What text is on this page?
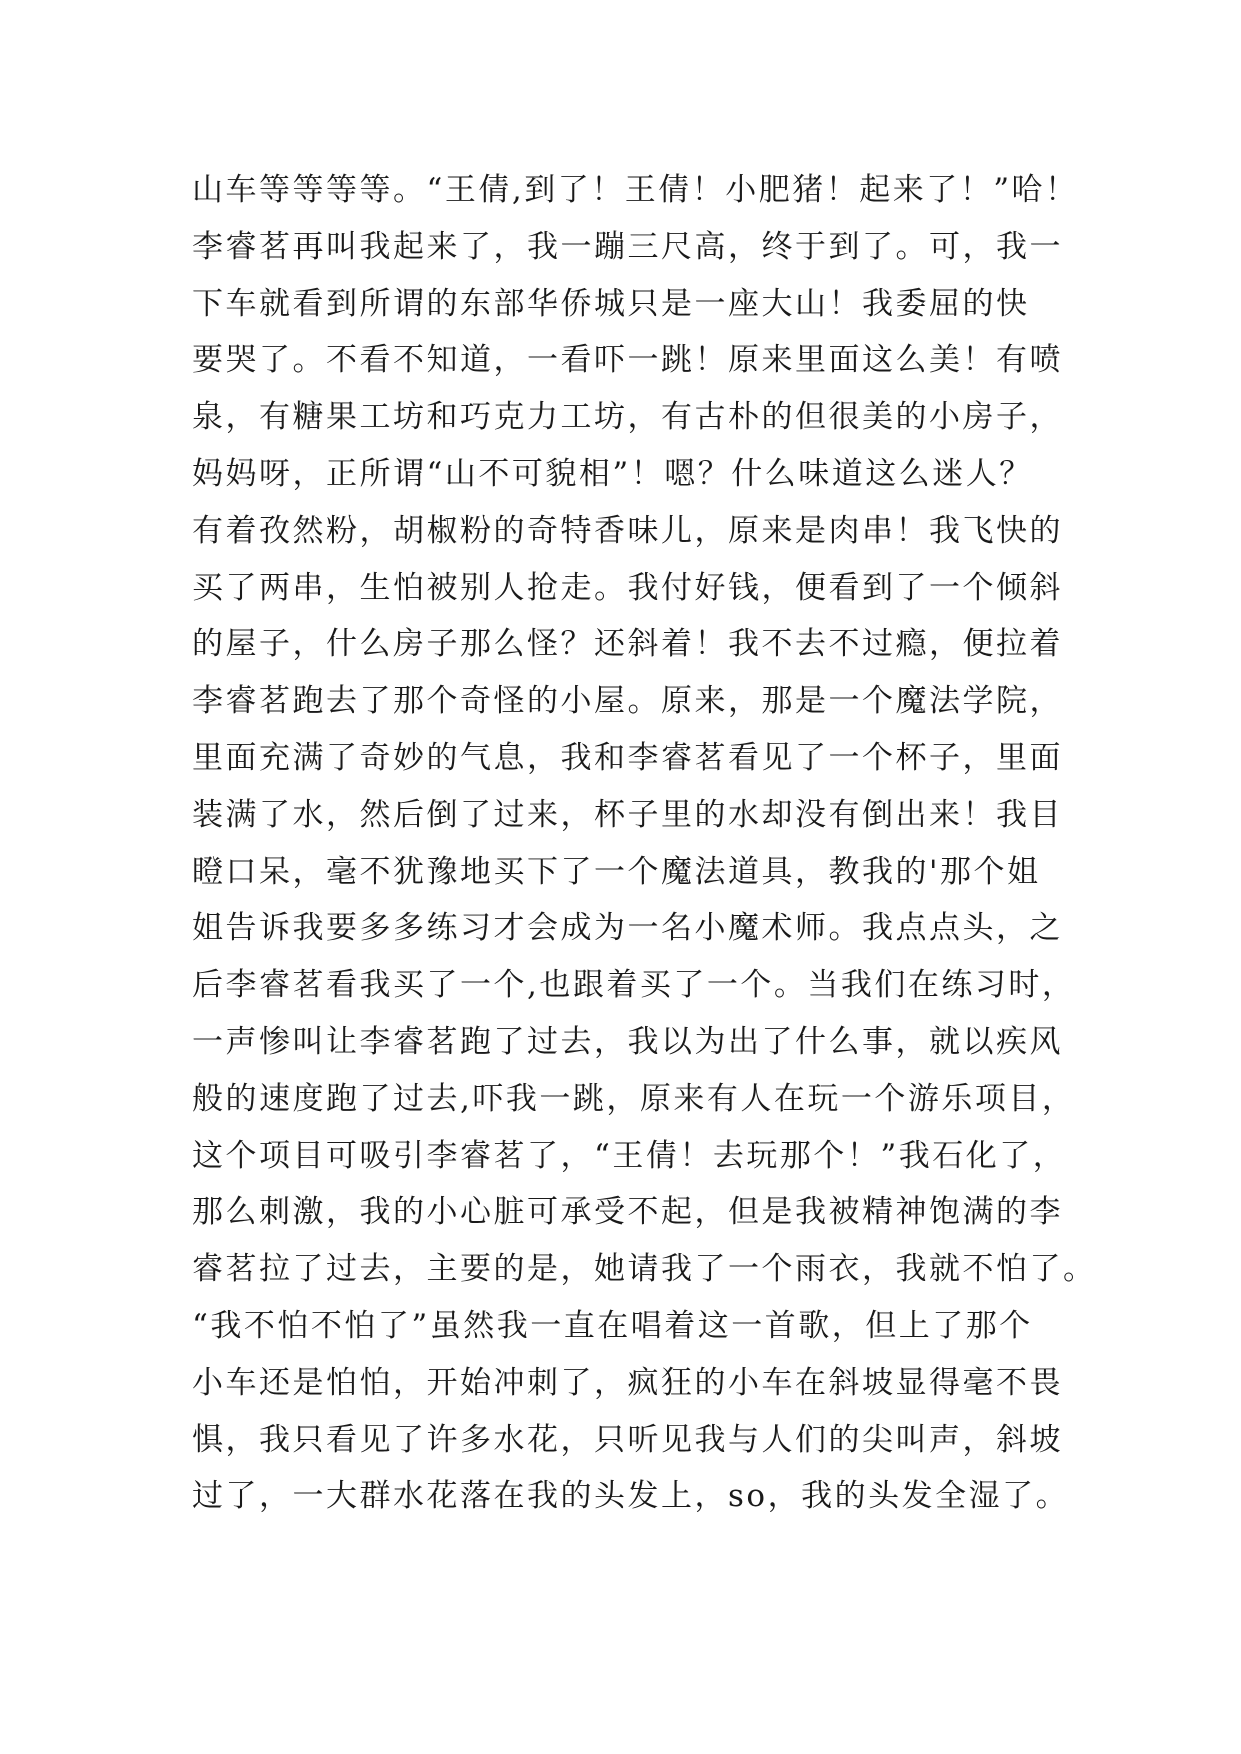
山车等等等等。“王倩,到了！王倩！小肥猪！起来了！”哈！
李睿茗再叫我起来了，我一蹦三尺高，终于到了。可，我一
下车就看到所谓的东部华侨城只是一座大山！我委屈的快
要哭了。不看不知道，一看吓一跳！原来里面这么美！有喷
泉，有糖果工坊和巧克力工坊，有古朴的但很美的小房子，
妈妈呀，正所谓“山不可貌相”！嗯？什么味道这么迷人？
有着孜然粉，胡椒粉的奇特香味儿，原来是肉串！我飞快的
买了两串，生怕被别人抢走。我付好钱，便看到了一个倾斜
的屋子，什么房子那么怪？还斜着！我不去不过瘾，便拉着
李睿茗跑去了那个奇怪的小屋。原来，那是一个魔法学院，
里面充满了奇妙的气息，我和李睿茗看见了一个杯子，里面
装满了水，然后倒了过来，杯子里的水却没有倒出来！我目
瞪口呆，毫不犹豫地买下了一个魔法道具，教我的'那个姐
姐告诉我要多多练习才会成为一名小魔术师。我点点头，之
后李睿茗看我买了一个,也跟着买了一个。当我们在练习时，
一声惨叫让李睿茗跑了过去，我以为出了什么事，就以疾风
般的速度跑了过去,吓我一跳，原来有人在玩一个游乐项目，
这个项目可吸引李睿茗了，“王倩！去玩那个！”我石化了，
那么刺激，我的小心脏可承受不起，但是我被精神饱满的李
睿茗拉了过去，主要的是，她请我了一个雨衣，我就不怕了。
“我不怕不怕了”虽然我一直在唱着这一首歌，但上了那个
小车还是怕怕，开始冲刺了，疯狂的小车在斜坡显得毫不畏
惧，我只看见了许多水花，只听见我与人们的尖叫声，斜坡
过了，一大群水花落在我的头发上，so，我的头发全湿了。
